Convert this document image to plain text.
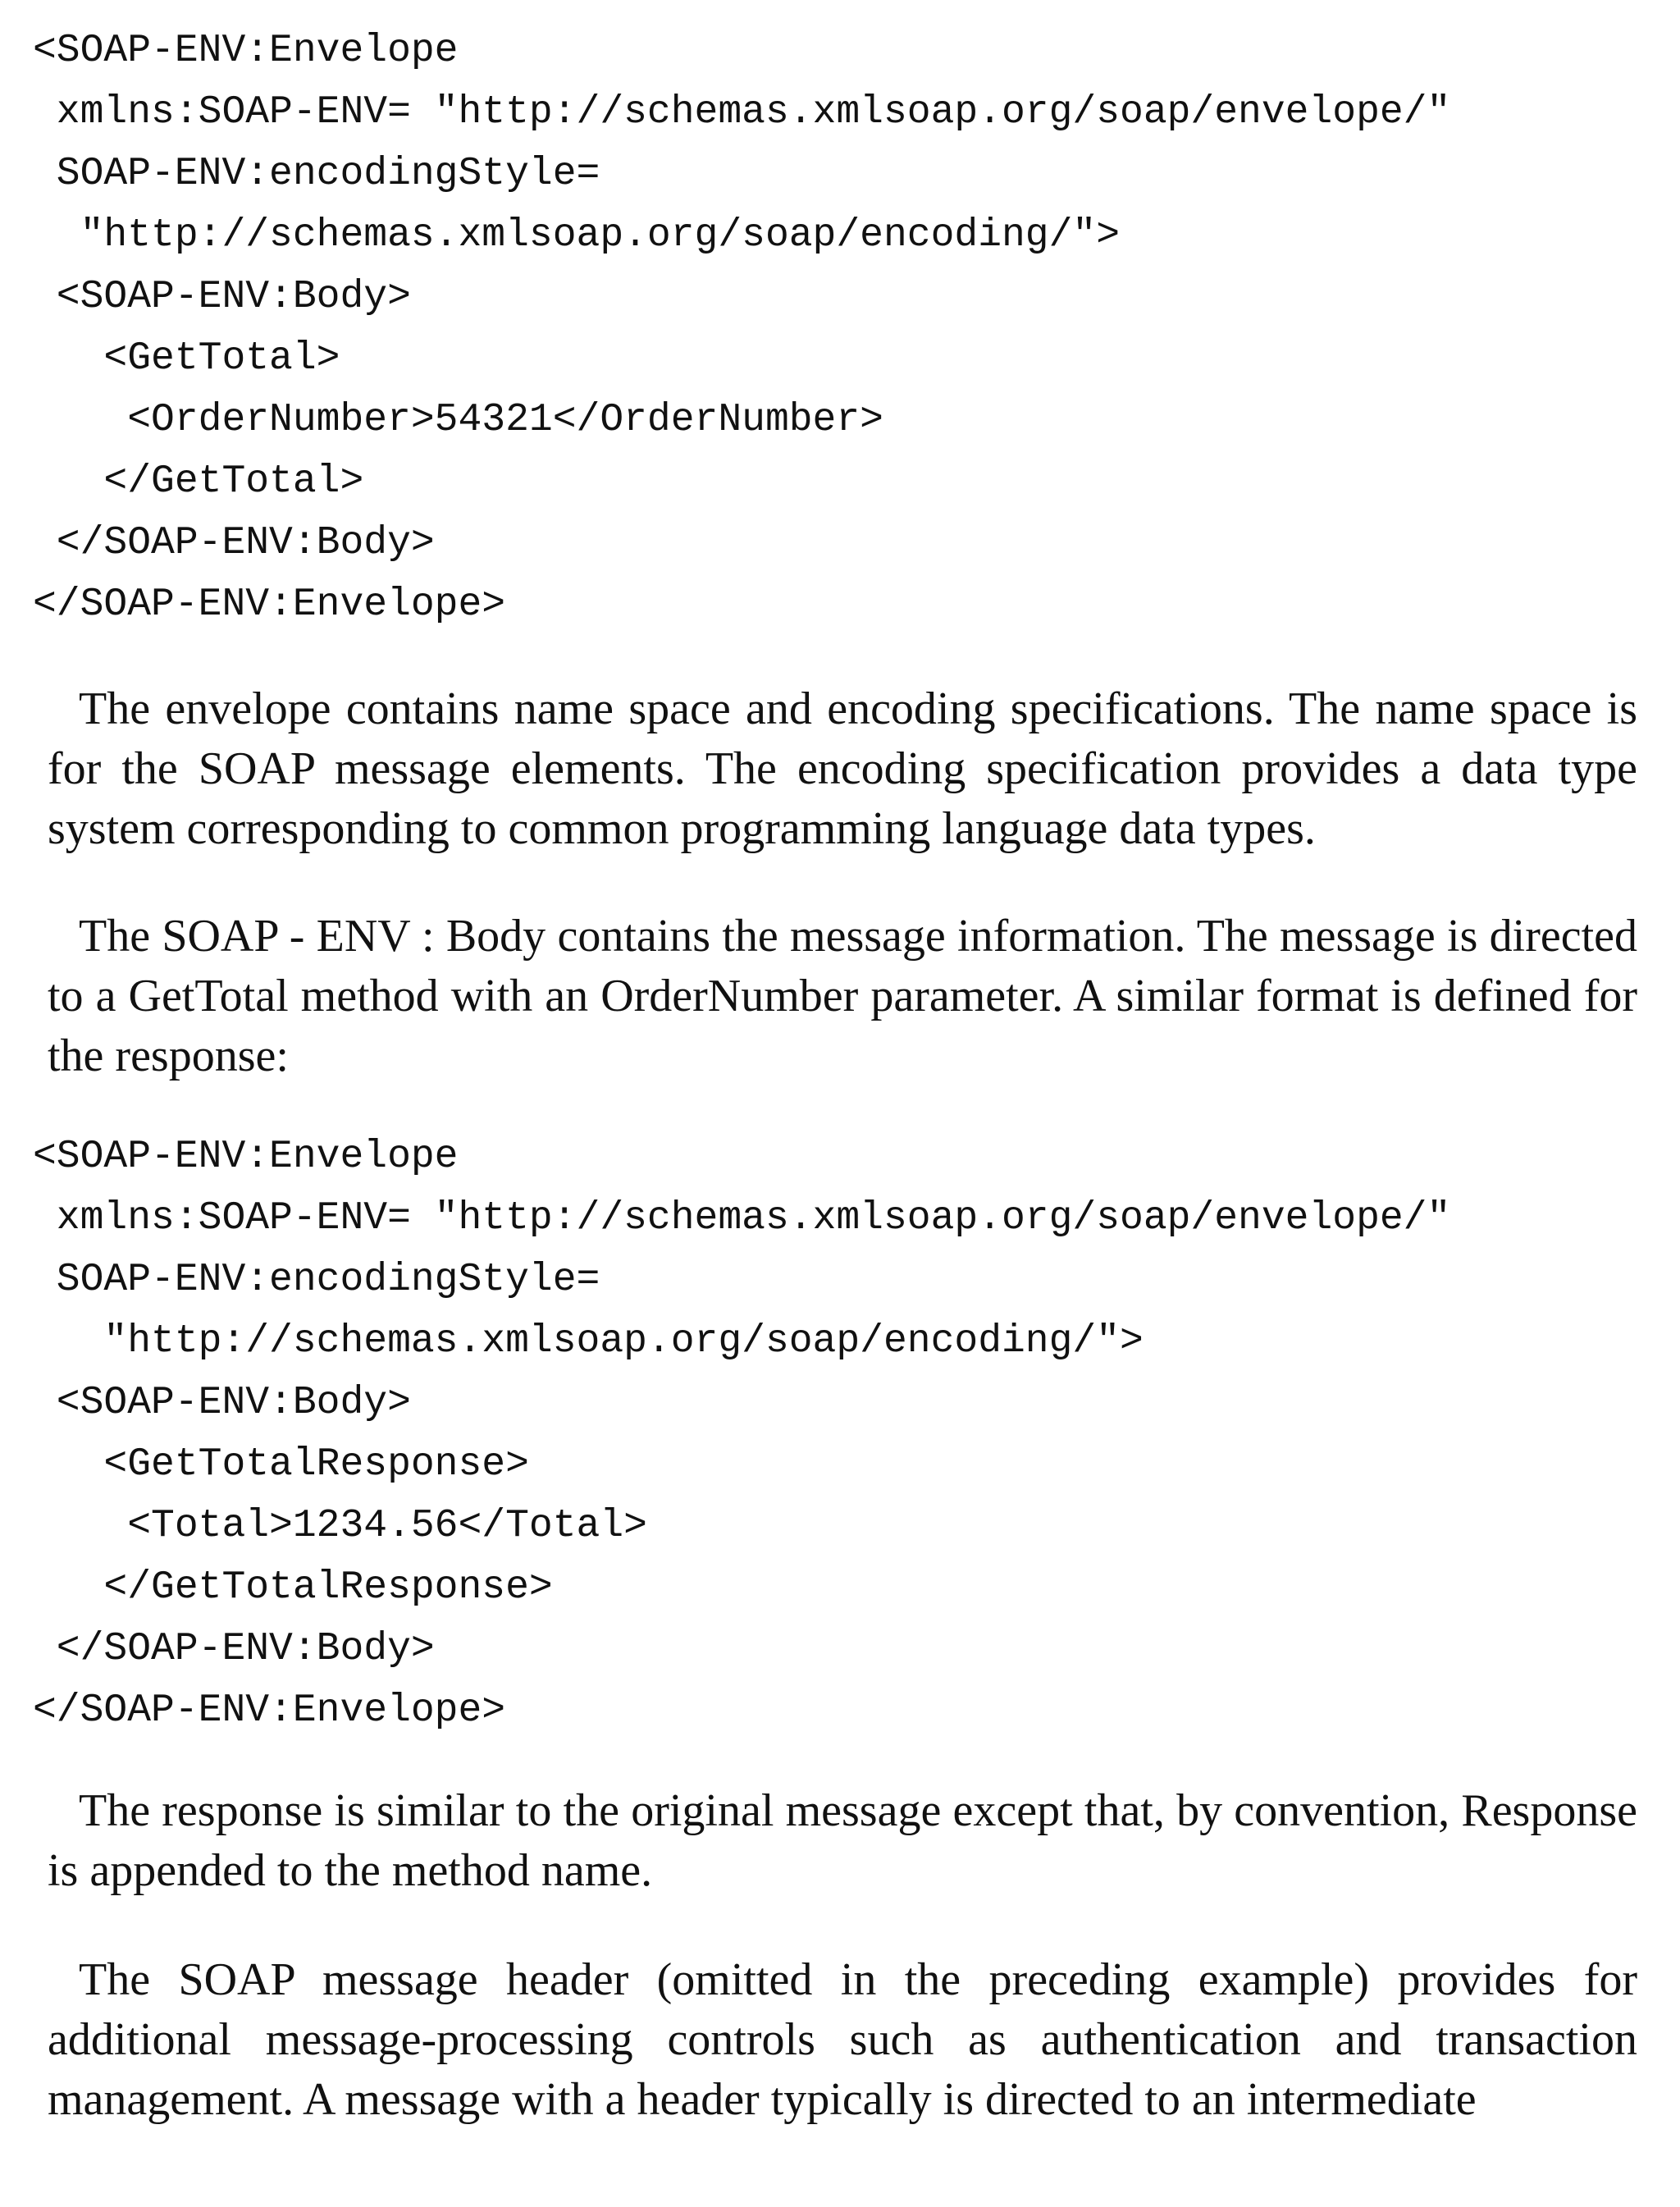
<SOAP-ENV:Envelope
xmlns:SOAP-ENV= "http://schemas.xmlsoap.org/soap/envelope/"
SOAP-ENV:encodingStyle=
"http://schemas.xmlsoap.org/soap/encoding/">
<SOAP-ENV:Body>
<GetTotal>
<OrderNumber>54321</OrderNumber>
</GetTotal>
</SOAP-ENV:Body>
</SOAP-ENV:Envelope>

The envelope contains name space and encoding specifications. The name space is for the SOAP message elements. The encoding specification provides a data type system corresponding to common programming language data types.

The SOAP - ENV : Body contains the message information. The message is directed to a GetTotal method with an OrderNumber parameter. A similar format is defined for the response:

<SOAP-ENV:Envelope
xmlns:SOAP-ENV= "http://schemas.xmlsoap.org/soap/envelope/"
SOAP-ENV:encodingStyle=
"http://schemas.xmlsoap.org/soap/encoding/">
<SOAP-ENV:Body>
<GetTotalResponse>
<Total>1234.56</Total>
</GetTotalResponse>
</SOAP-ENV:Body>
</SOAP-ENV:Envelope>

The response is similar to the original message except that, by convention, Response is appended to the method name.

The SOAP message header (omitted in the preceding example) provides for additional message-processing controls such as authentication and transaction management. A message with a header typically is directed to an intermediate
